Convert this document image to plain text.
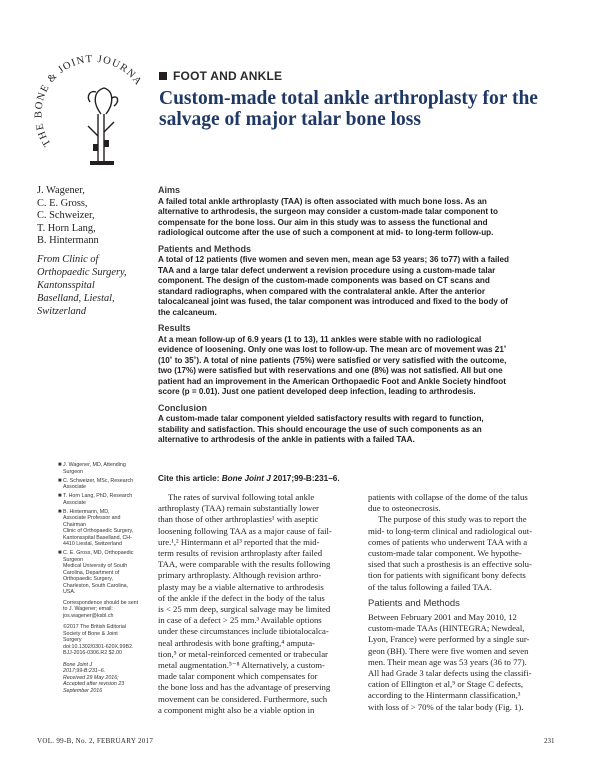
THE BONE & JOINT JOURNA	FOOT AND ANKLE
Custom-made total ankle arthroplasty for the
salvage of major talar bone loss
J. Wagener,
C. E. Gross,
C. Schweizer,
T. Horn Lang,
B. Hintermann
From Clinic of
Orthopaedic Surgery,
Kantonsspital
Baselland, Liestal,
Switzerland
Aims
A failed total ankle arthroplasty (TAA) is often associated with much bone loss. As an
alternative to arthrodesis, the surgeon may consider a custom-made talar component to
compensate for the bone loss. Our aim in this study was to assess the functional and
radiological outcome after the use of such a component at mid- to long-term follow-up.
Patients and Methods
A total of 12 patients (five women and seven men, mean age 53 years; 36 to77) with a failed
TAA and a large talar defect underwent a revision procedure using a custom-made talar
component. The design of the custom-made components was based on CT scans and
standard radiographs, when compared with the contralateral ankle. After the anterior
talocalcaneal joint was fused, the talar component was introduced and fixed to the body of
the calcaneum.
Results
At a mean follow-up of 6.9 years (1 to 13), 11 ankles were stable with no radiological
evidence of loosening. Only one was lost to follow-up. The mean arc of movement was 21˚
(10˚ to 35˚). A total of nine patients (75%) were satisfied or very satisfied with the outcome,
two (17%) were satisfied but with reservations and one (8%) was not satisfied. All but one
patient had an improvement in the American Orthopaedic Foot and Ankle Society hindfoot
score (p = 0.01). Just one patient developed deep infection, leading to arthrodesis.
Conclusion
A custom-made talar component yielded satisfactory results with regard to function,
stability and satisfaction. This should encourage the use of such components as an
alternative to arthrodesis of the ankle in patients with a failed TAA.
Cite this article: Bone Joint J 2017;99-B:231–6.
■ J. Wagener, MD, Attending
Surgeon
■ C. Schweizer, MSc, Research
Associate
■ T. Horn Lang, PhD, Research
Associate
■ B. Hintermann, MD,
Associate Professor and
Chairman
Clinic of Orthopaedic Surgery,
Kantonsspital Baselland, CH-
4410 Liestal, Switzerland
■ C. E. Gross, MD, Orthopaedic
Surgeon
Medical University of South
Carolina, Department of
Orthopaedic Surgery,
Charleston, South Carolina,
USA.
Correspondence should be sent
to J. Wagener; email:
jos.wagener@ksbl.ch
©2017 The British Editorial
Society of Bone & Joint
Surgery
doi:10.1302/0301-620X.99B2.
BJJ-2016-0306.R2 $2.00
Bone Joint J
2017;99-B:231–6.
Received 29 May 2016;
Accepted after revision 23
September 2016
The rates of survival following total ankle
arthroplasty (TAA) remain substantially lower
than those of other arthroplasties¹ with aseptic
loosening following TAA as a major cause of fail-
ure.¹,² Hintermann et al³ reported that the mid-
term results of revision arthroplasty after failed
TAA, were comparable with the results following
primary arthroplasty. Although revision arthro-
plasty may be a viable alternative to arthrodesis
of the ankle if the defect in the body of the talus
is < 25 mm deep, surgical salvage may be limited
in case of a defect > 25 mm.³ Available options
under these circumstances include tibiotalocalca-
neal arthrodesis with bone grafting,⁴ amputa-
tion,⁵ or metal-reinforced cemented or trabecular
metal augmentation.⁵⁻⁸ Alternatively, a custom-
made talar component which compensates for
the bone loss and has the advantage of preserving
movement can be considered. Furthermore, such
a component might also be a viable option in
patients with collapse of the dome of the talus
due to osteonecrosis.
The purpose of this study was to report the
mid- to long-term clinical and radiological out-
comes of patients who underwent TAA with a
custom-made talar component. We hypothe-
sised that such a prosthesis is an effective solu-
tion for patients with significant bony defects
of the talus following a failed TAA.
Patients and Methods
Between February 2001 and May 2010, 12
custom-made TAAs (HINTEGRA; Newdeal,
Lyon, France) were performed by a single sur-
geon (BH). There were five women and seven
men. Their mean age was 53 years (36 to 77).
All had Grade 3 talar defects using the classifi-
cation of Ellington et al,⁹ or Stage C defects,
according to the Hintermann classification,³
with loss of > 70% of the talar body (Fig. 1).
VOL. 99-B, No. 2, FEBRUARY 2017	231
